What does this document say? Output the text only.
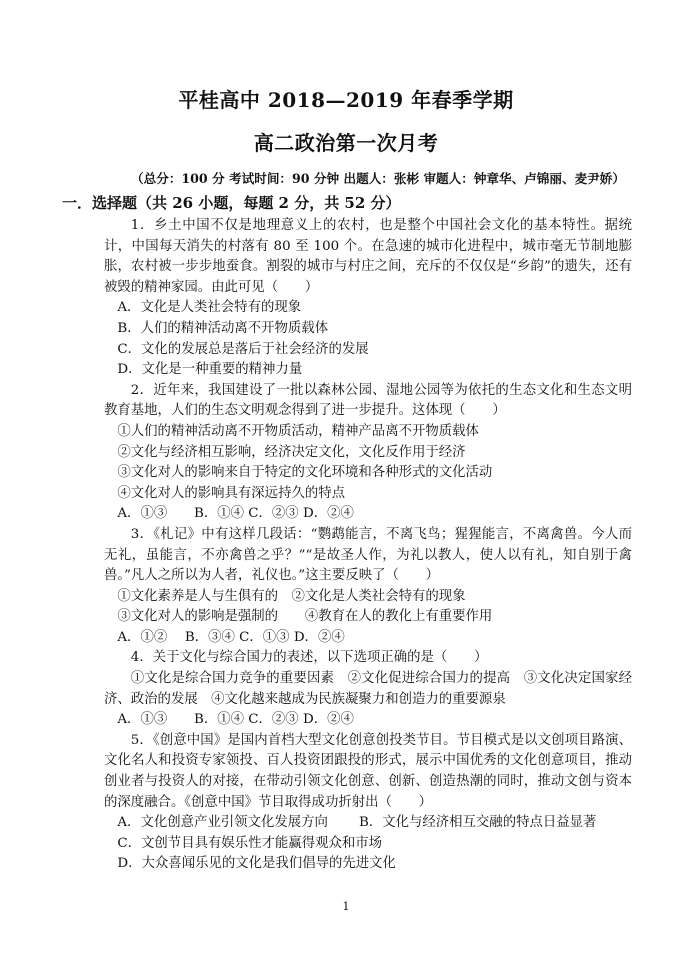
平桂高中 2018—2019 年春季学期
高二政治第一次月考
（总分：100 分 考试时间：90 分钟 出题人：张彬 审题人：钟章华、卢锦丽、麦尹娇）
一．选择题（共 26 小题，每题 2 分，共 52 分）

1．乡土中国不仅是地理意义上的农村，也是整个中国社会文化的基本特性。据统计，中国每天消失的村落有 80 至 100 个。在急速的城市化进程中，城市毫无节制地膨胀，农村被一步步地蚕食。割裂的城市与村庄之间，充斥的不仅仅是“乡韵”的遗失，还有被毁的精神家园。由此可见（　　）

A．文化是人类社会特有的现象

B．人们的精神活动离不开物质载体

C．文化的发展总是落后于社会经济的发展

D．文化是一种重要的精神力量

2．近年来，我国建设了一批以森林公园、湿地公园等为依托的生态文化和生态文明教育基地，人们的生态文明观念得到了进一步提升。这体现（　　）

①人们的精神活动离不开物质活动，精神产品离不开物质载体

②文化与经济相互影响，经济决定文化，文化反作用于经济

③文化对人的影响来自于特定的文化环境和各种形式的文化活动

④文化对人的影响具有深远持久的特点

A．①③　　B．①④ C．②③ D．②④

3．《札记》中有这样几段话：“鹦鹉能言，不离飞鸟；猩猩能言，不离禽兽。今人而无礼，虽能言，不亦禽兽之乎？”“是故圣人作，为礼以教人，使人以有礼，知自别于禽兽。”凡人之所以为人者，礼仪也。”这主要反映了（　　）

①文化素养是人与生俱有的　②文化是人类社会特有的现象

③文化对人的影响是强制的　　④教育在人的教化上有重要作用

A．①②　 B．③④ C．①③ D．②④

4．关于文化与综合国力的表述，以下选项正确的是（　　）

①文化是综合国力竞争的重要因素　②文化促进综合国力的提高　③文化决定国家经济、政治的发展　④文化越来越成为民族凝聚力和创造力的重要源泉

A．①③　　B．①④ C．②③ D．②④

5．《创意中国》是国内首档大型文化创意创投类节目。节目模式是以文创项目路演、文化名人和投资专家领投、百人投资团跟投的形式，展示中国优秀的文化创意项目，推动创业者与投资人的对接，在带动引领文化创意、创新、创造热潮的同时，推动文创与资本的深度融合。《创意中国》节目取得成功折射出（　　）

A．文化创意产业引领文化发展方向　　 B．文化与经济相互交融的特点日益显著

C．文创节目具有娱乐性才能赢得观众和市场

D．大众喜闻乐见的文化是我们倡导的先进文化

1
